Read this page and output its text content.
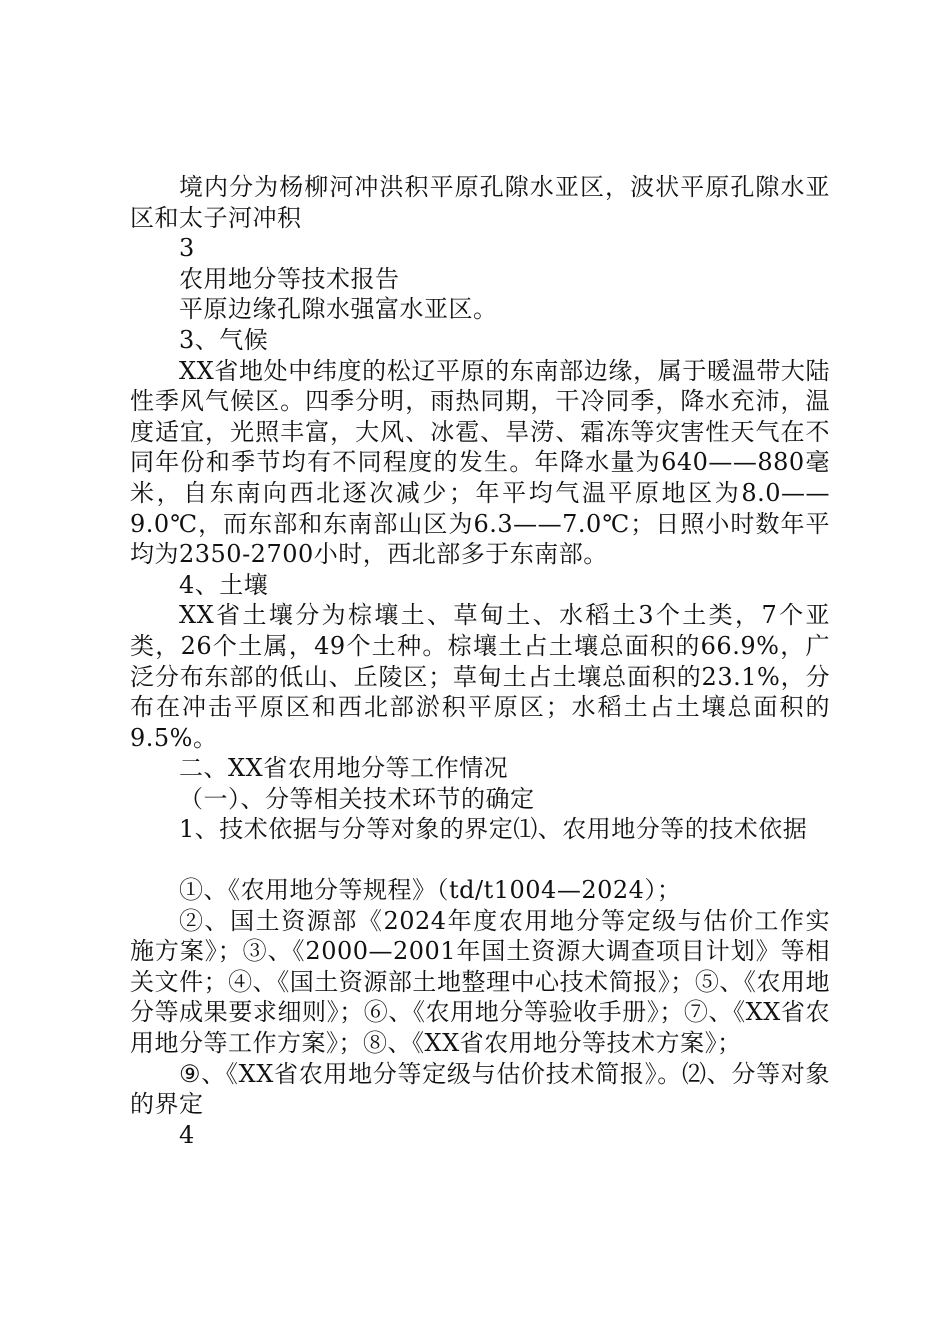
境内分为杨柳河冲洪积平原孔隙水亚区，波状平原孔隙水亚区和太子河冲积

3

农用地分等技术报告

平原边缘孔隙水强富水亚区。

3、气候

XX省地处中纬度的松辽平原的东南部边缘，属于暖温带大陆性季风气候区。四季分明，雨热同期，干冷同季，降水充沛，温度适宜，光照丰富，大风、冰雹、旱涝、霜冻等灾害性天气在不同年份和季节均有不同程度的发生。年降水量为640——880毫米，自东南向西北逐次减少；年平均气温平原地区为8.0——9.0℃，而东部和东南部山区为6.3——7.0℃；日照小时数年平均为2350-2700小时，西北部多于东南部。

4、土壤

XX省土壤分为棕壤土、草甸土、水稻土3个土类，7个亚类，26个土属，49个土种。棕壤土占土壤总面积的66.9%，广泛分布东部的低山、丘陵区；草甸土占土壤总面积的23.1%，分布在冲击平原区和西北部淤积平原区；水稻土占土壤总面积的9.5%。

二、XX省农用地分等工作情况

（一）、分等相关技术环节的确定

1、技术依据与分等对象的界定⑴、农用地分等的技术依据

①、《农用地分等规程》（td/t1004—2024）；

②、国土资源部《2024年度农用地分等定级与估价工作实施方案》；③、《2000—2001年国土资源大调查项目计划》等相关文件；④、《国土资源部土地整理中心技术简报》；⑤、《农用地分等成果要求细则》；⑥、《农用地分等验收手册》；⑦、《XX省农用地分等工作方案》；⑧、《XX省农用地分等技术方案》；

⑨、《XX省农用地分等定级与估价技术简报》。⑵、分等对象的界定

4
